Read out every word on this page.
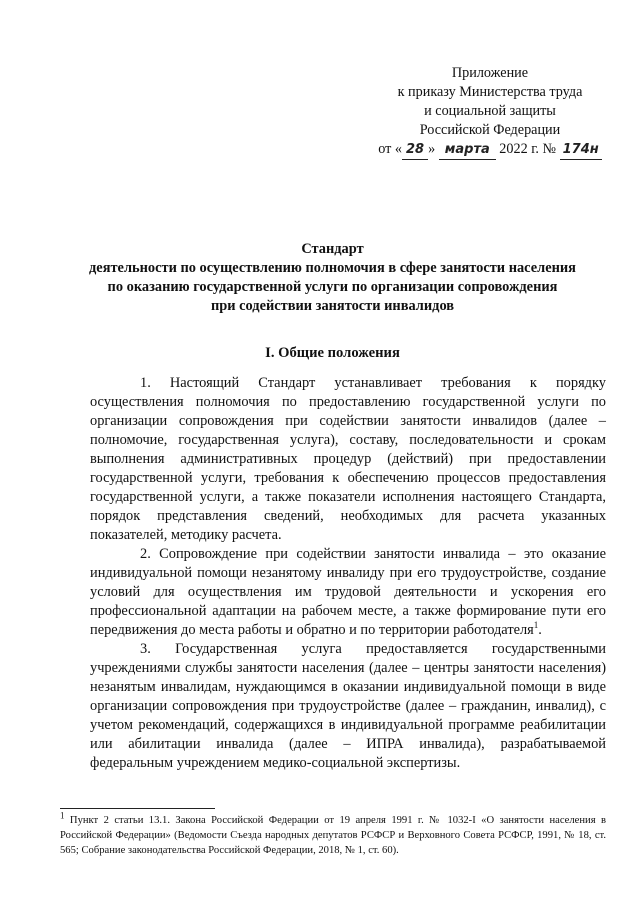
Приложение
к приказу Министерства труда
и социальной защиты
Российской Федерации
от « 28 » марта 2022 г. № 174н
Стандарт
деятельности по осуществлению полномочия в сфере занятости населения
по оказанию государственной услуги по организации сопровождения
при содействии занятости инвалидов
I. Общие положения

1. Настоящий Стандарт устанавливает требования к порядку осуществления полномочия по предоставлению государственной услуги по организации сопровождения при содействии занятости инвалидов (далее – полномочие, государственная услуга), составу, последовательности и срокам выполнения административных процедур (действий) при предоставлении государственной услуги, требования к обеспечению процессов предоставления государственной услуги, а также показатели исполнения настоящего Стандарта, порядок представления сведений, необходимых для расчета указанных показателей, методику расчета.

2. Сопровождение при содействии занятости инвалида – это оказание индивидуальной помощи незанятому инвалиду при его трудоустройстве, создание условий для осуществления им трудовой деятельности и ускорения его профессиональной адаптации на рабочем месте, а также формирование пути его передвижения до места работы и обратно и по территории работодателя$^1$.

3. Государственная услуга предоставляется государственными учреждениями службы занятости населения (далее – центры занятости населения) незанятым инвалидам, нуждающимся в оказании индивидуальной помощи в виде организации сопровождения при трудоустройстве (далее – гражданин, инвалид), с учетом рекомендаций, содержащихся в индивидуальной программе реабилитации или абилитации инвалида (далее – ИПРА инвалида), разрабатываемой федеральным учреждением медико-социальной экспертизы.

$^1$ Пункт 2 статьи 13.1. Закона Российской Федерации от 19 апреля 1991 г. № 1032-I «О занятости населения в Российской Федерации» (Ведомости Съезда народных депутатов РСФСР и Верховного Совета РСФСР, 1991, № 18, ст. 565; Собрание законодательства Российской Федерации, 2018, № 1, ст. 60).
